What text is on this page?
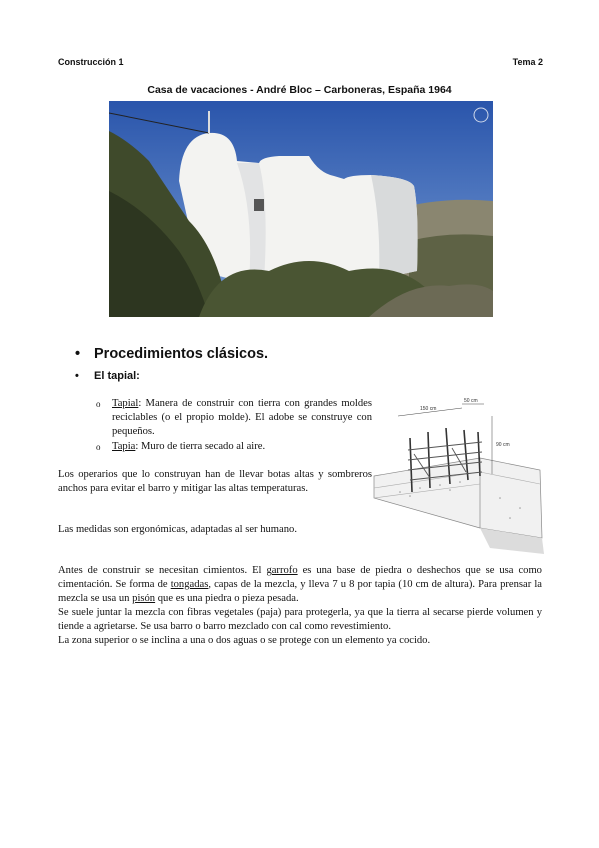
Construcción 1	Tema 2
Casa de vacaciones - André Bloc – Carboneras, España 1964
• Procedimientos clásicos.
• El tapial:
o Tapial: Manera de construir con tierra con grandes moldes reciclables (o el propio molde). El adobe se construye con pequeños.
o Tapia: Muro de tierra secado al aire.
Los operarios que lo construyan han de llevar botas altas y sombreros anchos para evitar el barro y mitigar las altas temperaturas.
Las medidas son ergonómicas, adaptadas al ser humano.
150 cm
50 cm
90 cm
Antes de construir se necesitan cimientos. El garrofo es una base de piedra o deshechos que se usa como cimentación. Se forma de tongadas, capas de la mezcla, y lleva 7 u 8 por tapia (10 cm de altura). Para prensar la mezcla se usa un pisón que es una piedra o pieza pesada.
Se suele juntar la mezcla con fibras vegetales (paja) para protegerla, ya que la tierra al secarse pierde volumen y tiende a agrietarse. Se usa barro o barro mezclado con cal como revestimiento.
La zona superior o se inclina a una o dos aguas o se protege con un elemento ya cocido.
